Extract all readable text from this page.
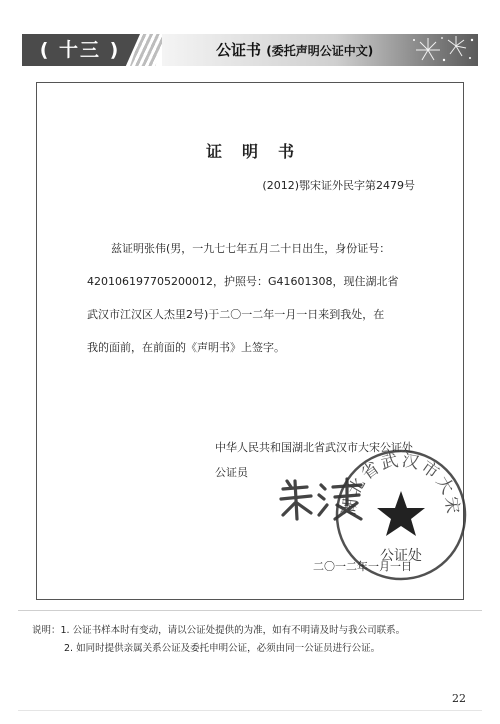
( 十三 )	公证书 (委托声明公证中文)
证明书
(2012)鄂宋证外民字第2479号
兹证明张伟(男，一九七七年五月二十日出生，身份证号：
420106197705200012，护照号：G41601308，现住湖北省
武汉市江汉区人杰里2号)于二〇一二年一月一日来到我处，在
我的面前，在前面的《声明书》上签字。
中华人民共和国湖北省武汉市大宋公证处
公证员
湖北省武汉市大宋
公证处
二〇一二年一月一日
说明：1. 公证书样本时有变动，请以公证处提供的为准，如有不明请及时与我公司联系。
2. 如同时提供亲属关系公证及委托申明公证，必须由同一公证员进行公证。
22
